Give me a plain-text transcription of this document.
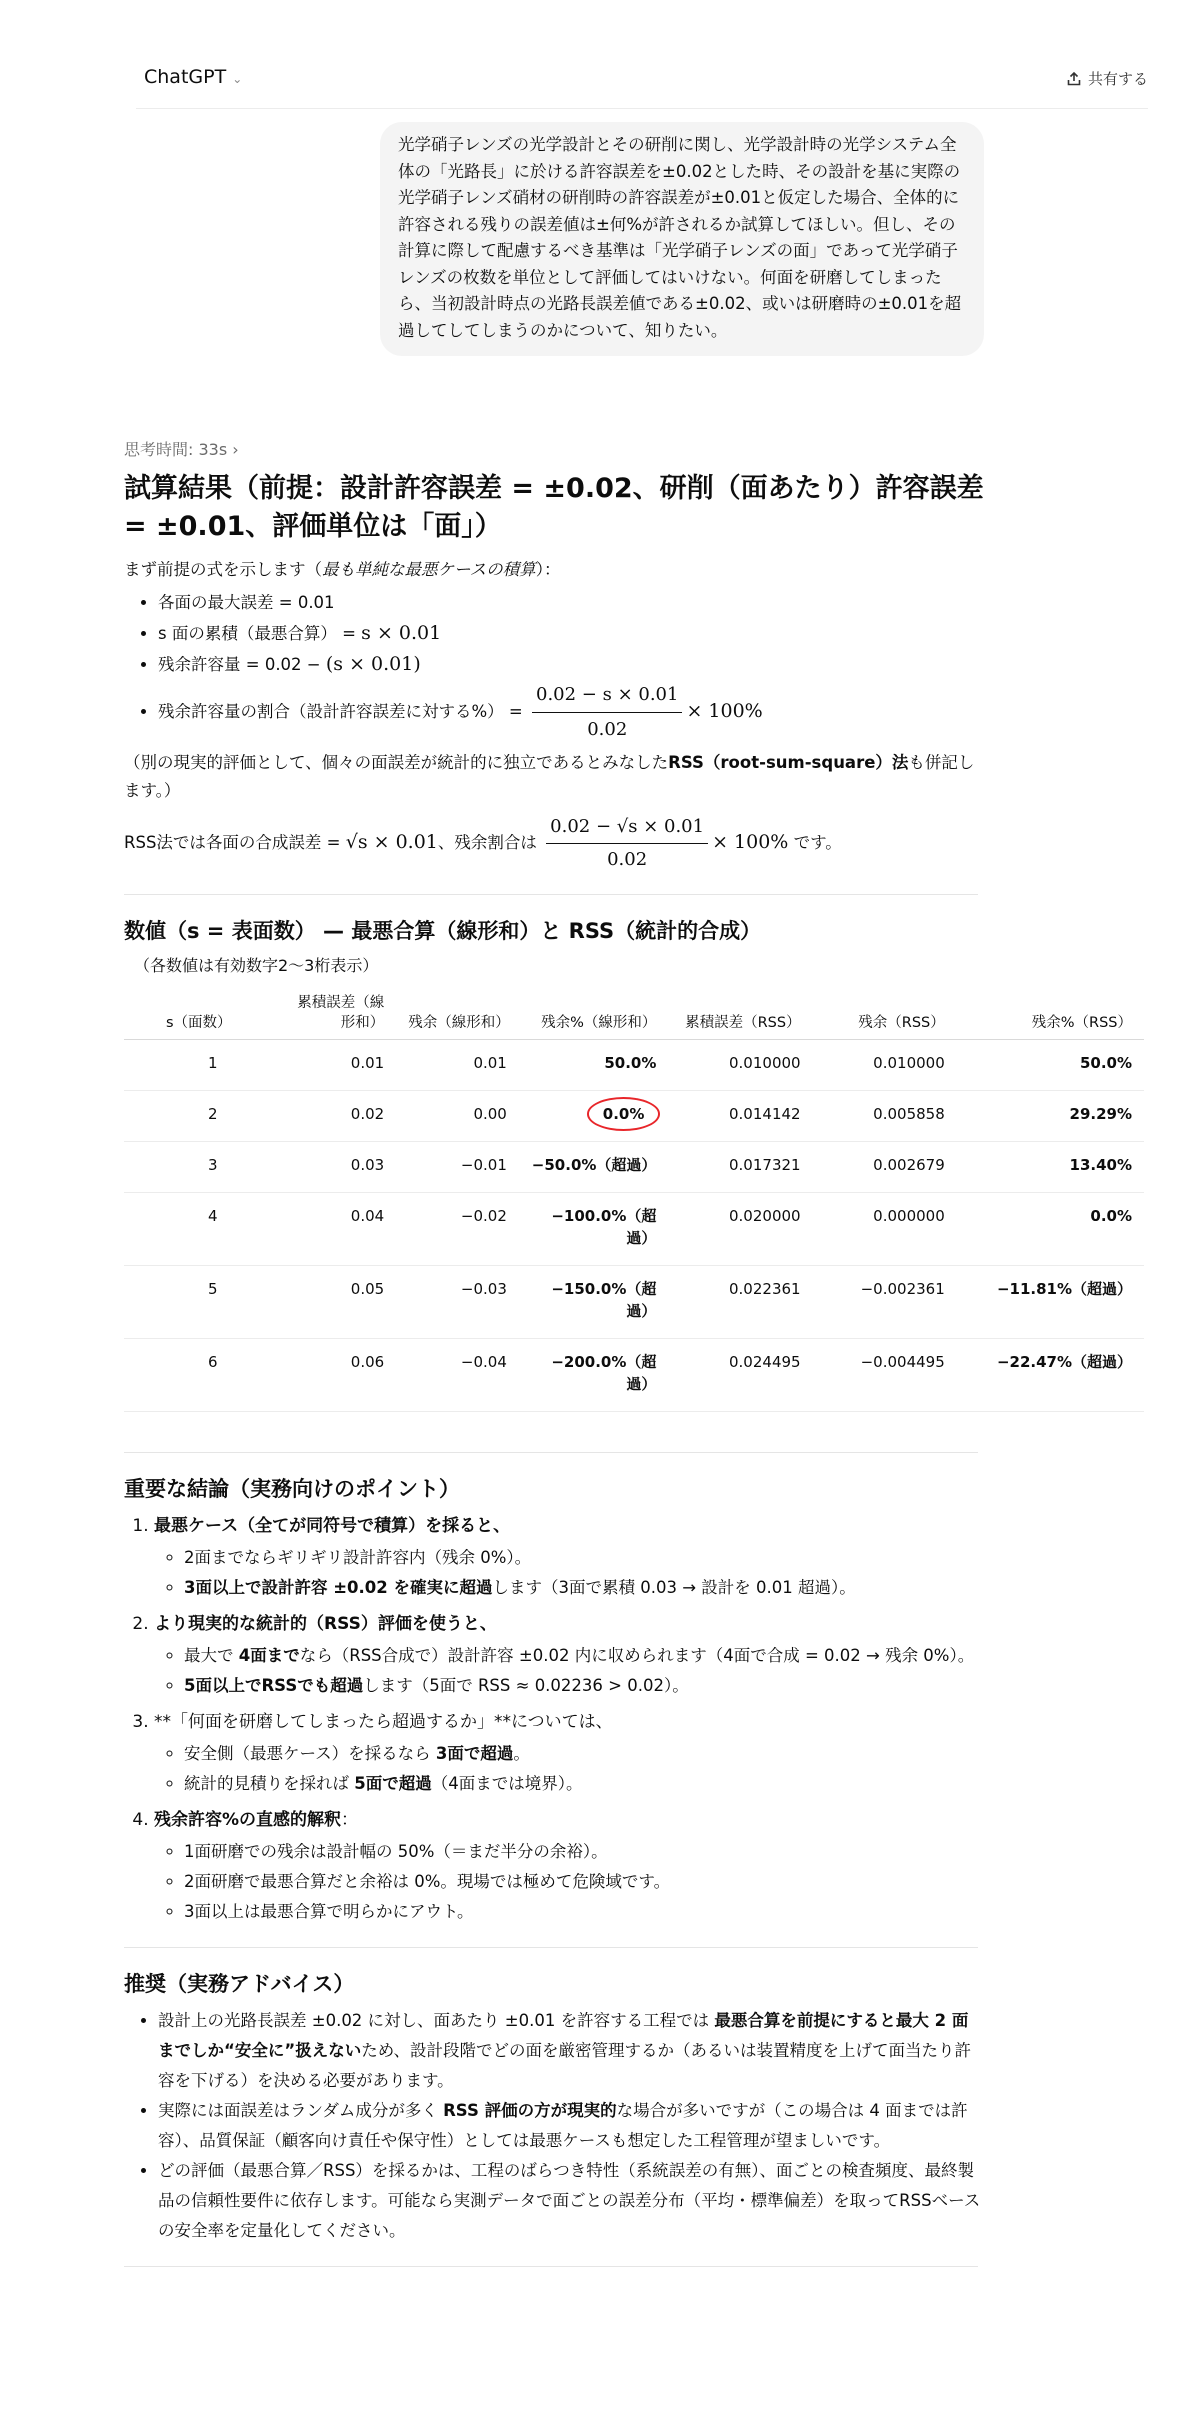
ChatGPT ⌄	共有する
光学硝子レンズの光学設計とその研削に関し、光学設計時の光学システム全体の「光路長」に於ける許容誤差を±0.02とした時、その設計を基に実際の光学硝子レンズ硝材の研削時の許容誤差が±0.01と仮定した場合、全体的に許容される残りの誤差値は±何%が許されるか試算してほしい。但し、その計算に際して配慮するべき基準は「光学硝子レンズの面」であって光学硝子レンズの枚数を単位として評価してはいけない。何面を研磨してしまったら、当初設計時点の光路長誤差値である±0.02、或いは研磨時の±0.01を超過してしてしまうのかについて、知りたい。
思考時間: 33s ›
試算結果（前提：設計許容誤差 = ±0.02、研削（面あたり）許容誤差 = ±0.01、評価単位は「面」）

まず前提の式を示します（最も単純な最悪ケースの積算）：

• 各面の最大誤差 = 0.01
• s 面の累積（最悪合算） = s × 0.01
• 残余許容量 = 0.02 − (s × 0.01)
• 残余許容量の割合（設計許容誤差に対する%） = $\frac{0.02 - s \times 0.01}{0.02} \times 100\%$

（別の現実的評価として、個々の面誤差が統計的に独立であるとみなしたRSS（root-sum-square）法も併記します。）

RSS法では各面の合成誤差 = √s × 0.01、残余割合は $\frac{0.02 - √s \times 0.01}{0.02} \times 100\%$ です。

数値（s = 表面数） — 最悪合算（線形和）と RSS（統計的合成）
（各数値は有効数字2〜3桁表示）
s（面数）	累積誤差（線形和）	残余（線形和）	残余%（線形和）	累積誤差（RSS）	残余（RSS）	残余%（RSS）
1	0.01	0.01	50.0%	0.010000	0.010000	50.0%
2	0.02	0.00	0.0%	0.014142	0.005858	29.29%
3	0.03	−0.01	−50.0%（超過）	0.017321	0.002679	13.40%
4	0.04	−0.02	−100.0%（超過）	0.020000	0.000000	0.0%
5	0.05	−0.03	−150.0%（超過）	0.022361	−0.002361	−11.81%（超過）
6	0.06	−0.04	−200.0%（超過）	0.024495	−0.004495	−22.47%（超過）
重要な結論（実務向けのポイント）
1. 最悪ケース（全てが同符号で積算）を採ると、
◦ 2面までならギリギリ設計許容内（残余 0%）。
◦ 3面以上で設計許容 ±0.02 を確実に超過します（3面で累積 0.03 → 設計を 0.01 超過）。
2. より現実的な統計的（RSS）評価を使うと、
◦ 最大で 4面までなら（RSS合成で）設計許容 ±0.02 内に収められます（4面で合成 = 0.02 → 残余 0%）。
◦ 5面以上でRSSでも超過します（5面で RSS ≈ 0.02236 > 0.02）。
3. **「何面を研磨してしまったら超過するか」**については、
◦ 安全側（最悪ケース）を採るなら 3面で超過。
◦ 統計的見積りを採れば 5面で超過（4面までは境界）。
4. 残余許容%の直感的解釈：
◦ 1面研磨での残余は設計幅の 50%（＝まだ半分の余裕）。
◦ 2面研磨で最悪合算だと余裕は 0%。現場では極めて危険域です。
◦ 3面以上は最悪合算で明らかにアウト。
推奨（実務アドバイス）
• 設計上の光路長誤差 ±0.02 に対し、面あたり ±0.01 を許容する工程では 最悪合算を前提にすると最大 2 面までしか“安全に”扱えないため、設計段階でどの面を厳密管理するか（あるいは装置精度を上げて面当たり許容を下げる）を決める必要があります。
• 実際には面誤差はランダム成分が多く RSS 評価の方が現実的な場合が多いですが（この場合は 4 面までは許容）、品質保証（顧客向け責任や保守性）としては最悪ケースも想定した工程管理が望ましいです。
• どの評価（最悪合算／RSS）を採るかは、工程のばらつき特性（系統誤差の有無）、面ごとの検査頻度、最終製品の信頼性要件に依存します。可能なら実測データで面ごとの誤差分布（平均・標準偏差）を取ってRSSベースの安全率を定量化してください。
